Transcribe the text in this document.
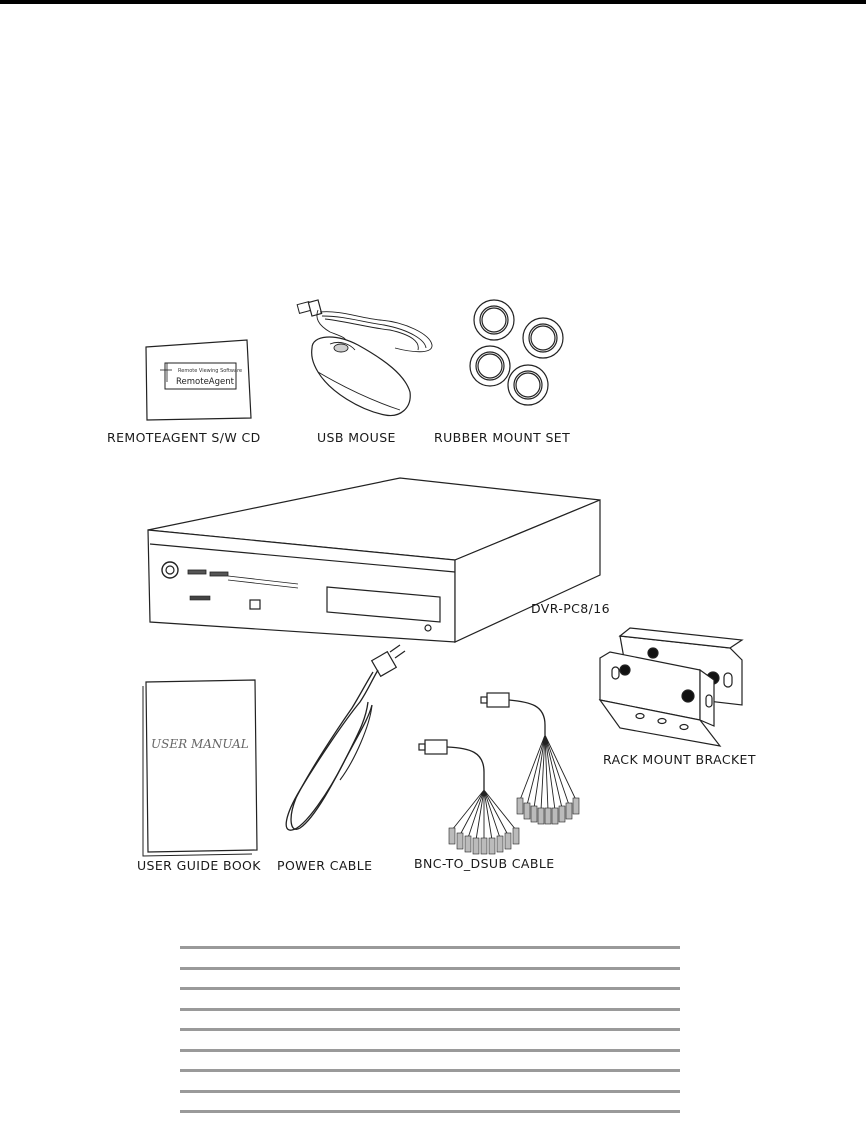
Remote Viewing Software
RemoteAgent
USER MANUAL
REMOTEAGENT S/W CD	USB MOUSE	RUBBER MOUNT SET
DVR-PC8/16
RACK MOUNT BRACKET
USER GUIDE BOOK POWER CABLE	BNC-TO_DSUB CABLE
